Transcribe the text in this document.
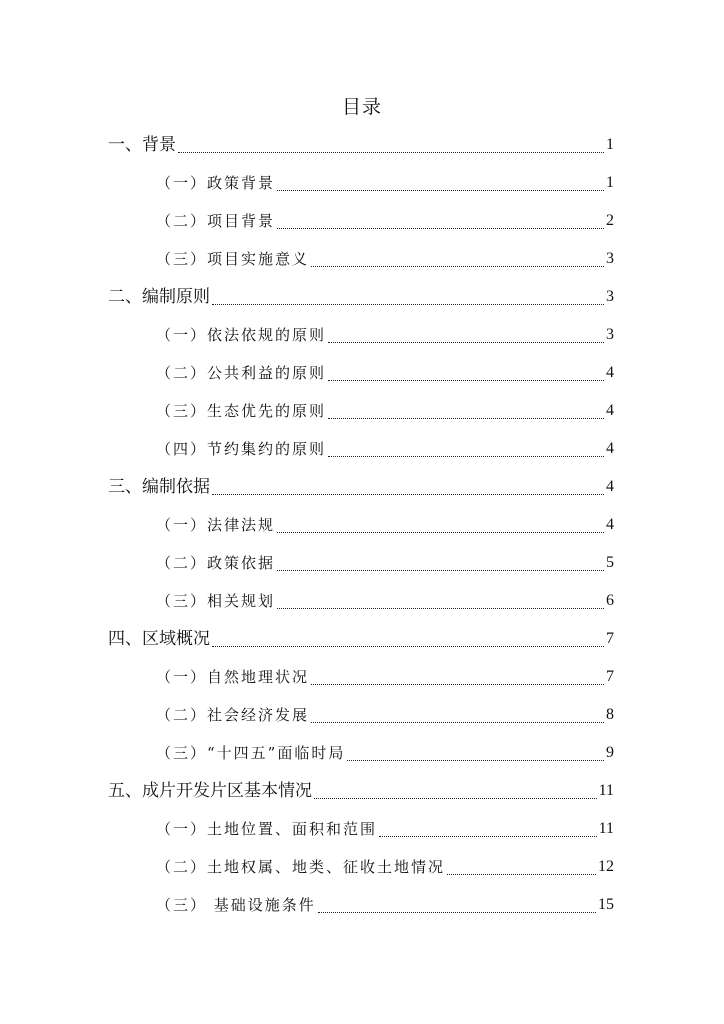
目录
一、背景	1
（一）政策背景	1
（二）项目背景	2
（三）项目实施意义	3
二、编制原则	3
（一）依法依规的原则	3
（二）公共利益的原则	4
（三）生态优先的原则	4
（四）节约集约的原则	4
三、编制依据	4
（一）法律法规	4
（二）政策依据	5
（三）相关规划	6
四、区域概况	7
（一）自然地理状况	7
（二）社会经济发展	8
（三）“十四五”面临时局	9
五、成片开发片区基本情况	11
（一）土地位置、面积和范围	11
（二）土地权属、地类、征收土地情况	12
（三） 基础设施条件	15
